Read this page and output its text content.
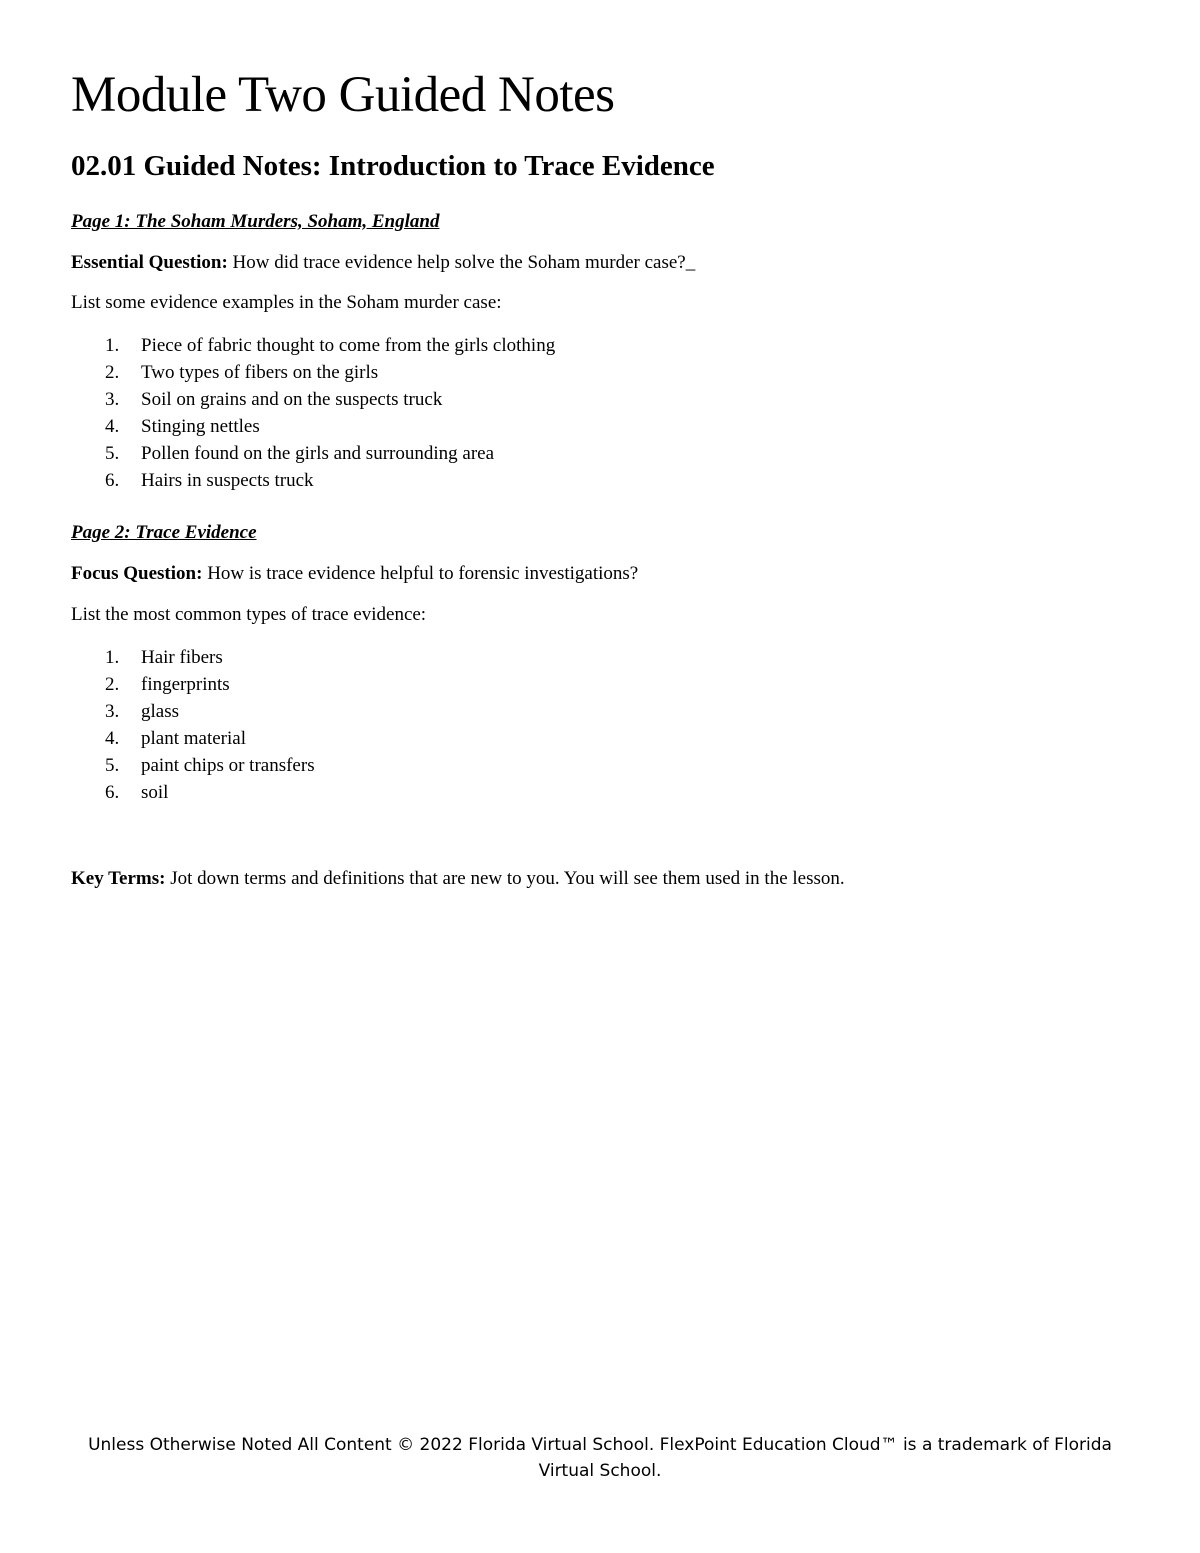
Module Two Guided Notes
02.01 Guided Notes: Introduction to Trace Evidence
Page 1: The Soham Murders, Soham, England

Essential Question: How did trace evidence help solve the Soham murder case?_

List some evidence examples in the Soham murder case:

1.	Piece of fabric thought to come from the girls clothing
2.	Two types of fibers on the girls
3.	Soil on grains and on the suspects truck
4.	Stinging nettles
5.	Pollen found on the girls and surrounding area
6.	Hairs in suspects truck
Page 2: Trace Evidence

Focus Question: How is trace evidence helpful to forensic investigations?

List the most common types of trace evidence:

1.	Hair fibers
2.	fingerprints
3.	glass
4.	plant material
5.	paint chips or transfers
6.	soil

Key Terms: Jot down terms and definitions that are new to you. You will see them used in the lesson.

Unless Otherwise Noted All Content © 2022 Florida Virtual School. FlexPoint Education Cloud™ is a trademark of Florida Virtual School.
